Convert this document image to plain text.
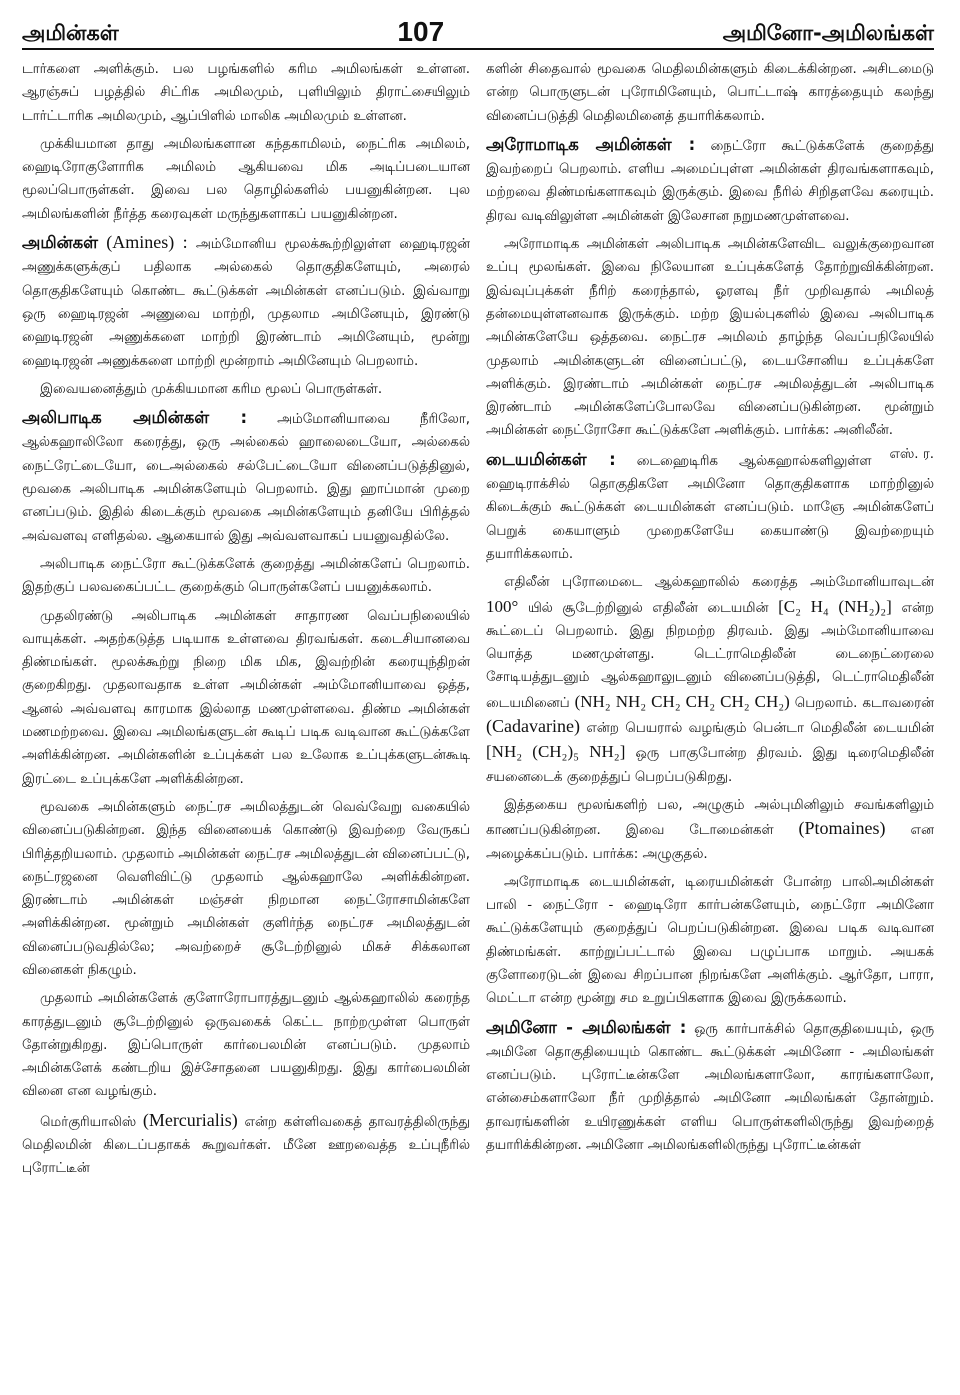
அமின்கள்	107	அமினோ-அமிலங்கள்

டார்களை அளிக்கும். பல பழங்களில் கரிம அமிலங்கள் உள்ளன. ஆரஞ்சுப் பழத்தில் சிட்ரிக அமிலமும், புளியிலும் திராட்சையிலும் டார்ட்டாரிக அமிலமும், ஆப்பிளில் மாலிக அமிலமும் உள்ளன.

முக்கியமான தாது அமிலங்களான கந்தகாமிலம், நைட்ரிக அமிலம், ஹைடிரோகுளோரிக அமிலம் ஆகியவை மிக அடிப்படையான மூலப்பொருள்கள். இவை பல தொழில்களில் பயனுகின்றன. புல அமிலங்களின் நீர்த்த கரைவுகள் மருந்துகளாகப் பயனுகின்றன.

அமின்கள் (Amines) : அம்மோனிய மூலக்கூற்றிலுள்ள ஹைடிரஜன் அணுக்களுக்குப் பதிலாக அல்கைல் தொகுதிகளேயும், அரைல் தொகுதிகளேயும் கொண்ட கூட்டுக்கள் அமின்கள் எனப்படும். இவ்வாறு ஒரு ஹைடிரஜன் அணுவை மாற்றி, முதலாம அமினேயும், இரண்டு ஹைடிரஜன் அணுக்களை மாற்றி இரண்டாம் அமினேயும், மூன்று ஹைடிரஜன் அணுக்களை மாற்றி மூன்றாம் அமினேயும் பெறலாம்.

இவையனைத்தும் முக்கியமான கரிம மூலப் பொருள்கள்.

அலிபாடிக அமின்கள் : அம்மோனியாவை நீரிலோ, ஆல்கஹாலிலோ கரைத்து, ஒரு அல்கைல் ஹாலைடையோ, அல்கைல் நைட்ரேட்டையோ, டைஅல்கைல் சல்பேட்டையோ வினைப்படுத்தினுல், மூவகை அலிபாடிக அமின்களேயும் பெறலாம். இது ஹாப்மான் முறை எனப்படும். இதில் கிடைக்கும் மூவகை அமின்களேயும் தனியே பிரித்தல் அவ்வளவு எளிதல்ல. ஆகையால் இது அவ்வளவாகப் பயனுவதில்லே.

அலிபாடிக நைட்ரோ கூட்டுக்களேக் குறைத்து அமின்களேப் பெறலாம். இதற்குப் பலவகைப்பட்ட குறைக்கும் பொருள்களேப் பயனுக்கலாம்.

முதலிரண்டு அலிபாடிக அமின்கள் சாதாரண வெப்பநிலையில் வாயுக்கள். அதற்கடுத்த படியாக உள்ளவை திரவங்கள். கடைசியானவை திண்மங்கள். மூலக்கூற்று நிறை மிக மிக, இவற்றின் கரையுந்திறன் குறைகிறது. முதலாவதாக உள்ள அமின்கள் அம்மோனியாவை ஒத்த, ஆனல் அவ்வளவு காரமாக இல்லாத மணமுள்ளவை. திண்ம அமின்கள் மணமற்றவை. இவை அமிலங்களுடன் கூடிப் படிக வடிவான கூட்டுக்களே அளிக்கின்றன. அமின்களின் உப்புக்கள் பல உலோக உப்புக்களுடன்கூடி இரட்டை உப்புக்களே அளிக்கின்றன.

மூவகை அமின்களும் நைட்ரச அமிலத்துடன் வெவ்வேறு வகையில் வினைப்படுகின்றன. இந்த வினையைக் கொண்டு இவற்றை வேருகப் பிரித்தறியலாம். முதலாம் அமின்கள் நைட்ரச அமிலத்துடன் வினைப்பட்டு, நைட்ரஜனை வெளிவிட்டு முதலாம் ஆல்கஹாலே அளிக்கின்றன. இரண்டாம் அமின்கள் மஞ்சள் நிறமான நைட்ரோசாமின்களே அளிக்கின்றன. மூன்றும் அமின்கள் குளிர்ந்த நைட்ரச அமிலத்துடன் வினைப்படுவதில்லே; அவற்றைச் சூடேற்றினுல் மிகச் சிக்கலான வினைகள் நிகழும்.

முதலாம் அமின்களேக் குளோரோபாரத்துடனும் ஆல்கஹாலில் கரைந்த காரத்துடனும் சூடேற்றினுல் ஒருவகைக் கெட்ட நாற்றமுள்ள பொருள் தோன்றுகிறது. இப்பொருள் கார்பைலமின் எனப்படும். முதலாம் அமின்களேக் கண்டறிய இச்சோதனை பயனுகிறது. இது கார்பைலமின் வினை என வழங்கும்.

மெர்குரியாலிஸ் (Mercurialis) என்ற கள்ளிவகைத் தாவரத்திலிருந்து மெதிலமின் கிடைப்பதாகக் கூறுவர்கள். மீனே ஊறவைத்த உப்புநீரில் புரோட்டீன்

களின் சிதைவால் மூவகை மெதிலமின்களும் கிடைக்கின்றன. அசிடமைடு என்ற பொருளுடன் புரோமினேயும், பொட்டாஷ் காரத்தையும் கலந்து வினைப்படுத்தி மெதிலமினைத் தயாரிக்கலாம்.

அரோமாடிக அமின்கள் : நைட்ரோ கூட்டுக்களேக் குறைத்து இவற்றைப் பெறலாம். எளிய அமைப்புள்ள அமின்கள் திரவங்களாகவும், மற்றவை திண்மங்களாகவும் இருக்கும். இவை நீரில் சிறிதளவே கரையும். திரவ வடிவிலுள்ள அமின்கள் இலேசான நறுமணமுள்ளவை.

அரோமாடிக அமின்கள் அலிபாடிக அமின்களேவிட வலுக்குறைவான உப்பு மூலங்கள். இவை நிலேயான உப்புக்களேத் தோற்றுவிக்கின்றன. இவ்வுப்புக்கள் நீரிற் கரைந்தால், ஓரளவு நீர் முறிவதால் அமிலத் தன்மையுள்ளனவாக இருக்கும். மற்ற இயல்புகளில் இவை அலிபாடிக அமின்களேயே ஒத்தவை. நைட்ரச அமிலம் தாழ்ந்த வெப்பநிலேயில் முதலாம் அமின்களுடன் வினைப்பட்டு, டையசோனிய உப்புக்களே அளிக்கும். இரண்டாம் அமின்கள் நைட்ரச அமிலத்துடன் அலிபாடிக இரண்டாம் அமின்களேப்போலவே வினைப்படுகின்றன. மூன்றும் அமின்கள் நைட்ரோசோ கூட்டுக்களே அளிக்கும். பார்க்க: அனிலீன்.
எஸ். ர.

டையமின்கள் : டைஹைடிரிக ஆல்கஹால்களிலுள்ள ஹைடிராக்சில் தொகுதிகளே அமினோ தொகுதிகளாக மாற்றினுல் கிடைக்கும் கூட்டுக்கள் டையமின்கள் எனப்படும். மாஞே அமின்களேப் பெறுக் கையாளும் முறைகளேயே கையாண்டு இவற்றையும் தயாரிக்கலாம்.

எதிலீன் புரோமைடை ஆல்கஹாலில் கரைத்த அம்மோனியாவுடன் 100° யில் சூடேற்றினுல் எதிலீன் டையமின் [C₂ H₄ (NH₂)₂] என்ற கூட்டைப் பெறலாம். இது நிறமற்ற திரவம். இது அம்மோனியாவை யொத்த மணமுள்ளது. டெட்ராமெதிலீன் டைநைட்ரைலை சோடியத்துடனும் ஆல்கஹாலுடனும் வினைப்படுத்தி, டெட்ராமெதிலீன் டையமினைப் (NH₂ NH₂ CH₂ CH₂ CH₂ CH₂) பெறலாம். கடாவரைன் (Cadavarine) என்ற பெயரால் வழங்கும் பென்டா மெதிலீன் டையமின் [NH₂ (CH₂)₅ NH₂] ஒரு பாகுபோன்ற திரவம். இது டிரைமெதிலீன் சயனைடைக் குறைத்துப் பெறப்படுகிறது.

இத்தகைய மூலங்களிற் பல, அழுகும் அல்புமினிலும் சவங்களிலும் காணப்படுகின்றன. இவை டோமைன்கள் (Ptomaines) என அழைக்கப்படும். பார்க்க: அழுகுதல்.

அரோமாடிக டையமின்கள், டிரையமின்கள் போன்ற பாலிஅமின்கள் பாலி - நைட்ரோ - ஹைடிரோ கார்பன்களேயும், நைட்ரோ அமினோ கூட்டுக்களேயும் குறைத்துப் பெறப்படுகின்றன. இவை படிக வடிவான திண்மங்கள். காற்றுப்பட்டால் இவை பழுப்பாக மாறும். அயகக் குளோரைடுடன் இவை சிறப்பான நிறங்களே அளிக்கும். ஆர்தோ, பாரா, மெட்டா என்ற மூன்று சம உறுப்பிகளாக இவை இருக்கலாம்.

அமினோ - அமிலங்கள் : ஒரு கார்பாக்சில் தொகுதியையும், ஒரு அமினே தொகுதியையும் கொண்ட கூட்டுக்கள் அமினோ - அமிலங்கள் எனப்படும். புரோட்டீன்களே அமிலங்களாலோ, காரங்களாலோ, என்சைம்களாலோ நீர் முறித்தால் அமினோ அமிலங்கள் தோன்றும். தாவரங்களின் உயிரணுக்கள் எளிய பொருள்களிலிருந்து இவற்றைத் தயாரிக்கின்றன. அமினோ அமிலங்களிலிருந்து புரோட்டீன்கள்
